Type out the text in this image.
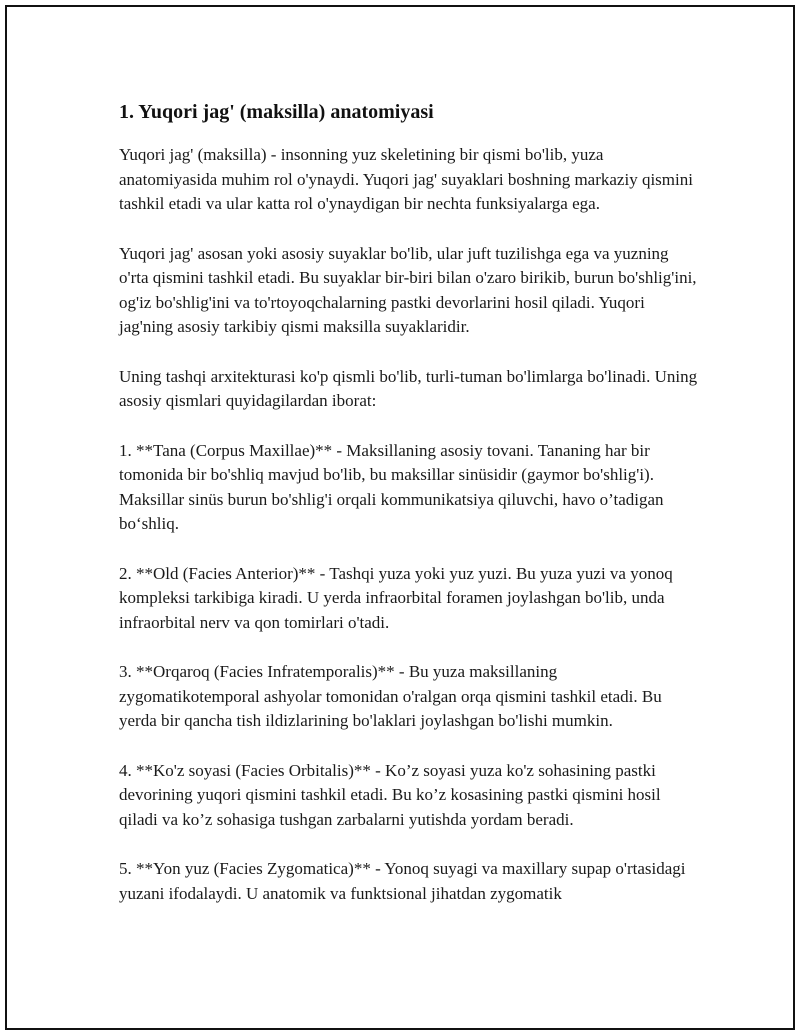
1. Yuqori jag' (maksilla) anatomiyasi

Yuqori jag' (maksilla) - insonning yuz skeletining bir qismi bo'lib, yuza anatomiyasida muhim rol o'ynaydi. Yuqori jag' suyaklari boshning markaziy qismini tashkil etadi va ular katta rol o'ynaydigan bir nechta funksiyalarga ega.

Yuqori jag' asosan yoki asosiy suyaklar bo'lib, ular juft tuzilishga ega va yuzning o'rta qismini tashkil etadi. Bu suyaklar bir-biri bilan o'zaro birikib, burun bo'shlig'ini, og'iz bo'shlig'ini va to'rtoyoqchalarning pastki devorlarini hosil qiladi. Yuqori jag'ning asosiy tarkibiy qismi maksilla suyaklaridir.

Uning tashqi arxitekturasi ko'p qismli bo'lib, turli-tuman bo'limlarga bo'linadi. Uning asosiy qismlari quyidagilardan iborat:

1. **Tana (Corpus Maxillae)** - Maksillaning asosiy tovani. Tananing har bir tomonida bir bo'shliq mavjud bo'lib, bu maksillar sinüsidir (gaymor bo'shlig'i). Maksillar sinüs burun bo'shlig'i orqali kommunikatsiya qiluvchi, havo o’tadigan bo‘shliq.

2. **Old (Facies Anterior)** - Tashqi yuza yoki yuz yuzi. Bu yuza yuzi va yonoq kompleksi tarkibiga kiradi. U yerda infraorbital foramen joylashgan bo'lib, unda infraorbital nerv va qon tomirlari o'tadi.

3. **Orqaroq (Facies Infratemporalis)** - Bu yuza maksillaning zygomatikotemporal ashyolar tomonidan o'ralgan orqa qismini tashkil etadi. Bu yerda bir qancha tish ildizlarining bo'laklari joylashgan bo'lishi mumkin.

4. **Ko'z soyasi (Facies Orbitalis)** - Ko’z soyasi yuza ko'z sohasining pastki devorining yuqori qismini tashkil etadi. Bu ko’z kosasining pastki qismini hosil qiladi va ko’z sohasiga tushgan zarbalarni yutishda yordam beradi.

5. **Yon yuz (Facies Zygomatica)** - Yonoq suyagi va maxillary supap o'rtasidagi yuzani ifodalaydi. U anatomik va funktsional jihatdan zygomatik
